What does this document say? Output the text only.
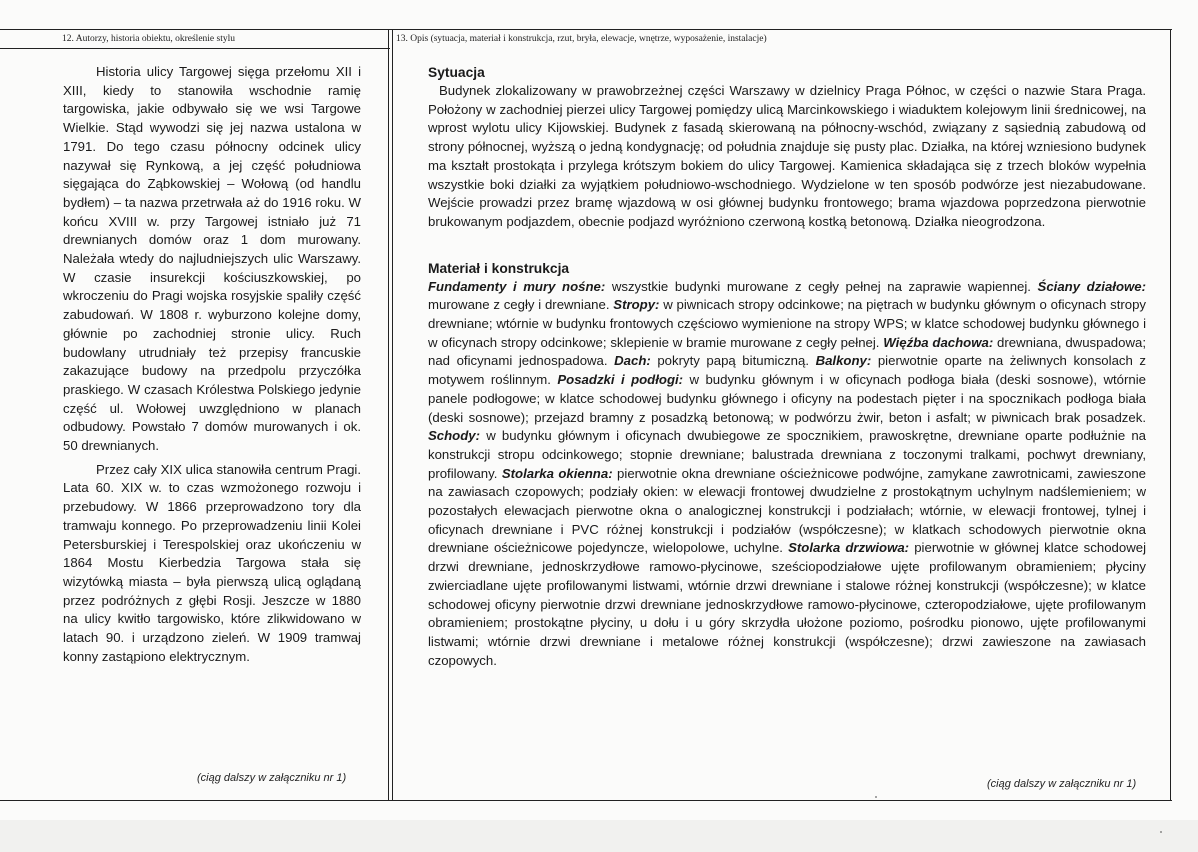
12. Autorzy, historia obiektu, określenie stylu	13. Opis (sytuacja, materiał i konstrukcja, rzut, bryła, elewacje, wnętrze, wyposażenie, instalacje)

Historia ulicy Targowej sięga przełomu XII i XIII, kiedy to stanowiła wschodnie ramię targowiska, jakie odbywało się we wsi Targowe Wielkie. Stąd wywodzi się jej nazwa ustalona w 1791. Do tego czasu północny odcinek ulicy nazywał się Rynkową, a jej część południowa sięgająca do Ząbkowskiej – Wołową (od handlu bydłem) – ta nazwa przetrwała aż do 1916 roku. W końcu XVIII w. przy Targowej istniało już 71 drewnianych domów oraz 1 dom murowany. Należała wtedy do najludniejszych ulic Warszawy. W czasie insurekcji kościuszkowskiej, po wkroczeniu do Pragi wojska rosyjskie spaliły część zabudowań. W 1808 r. wyburzono kolejne domy, głównie po zachodniej stronie ulicy. Ruch budowlany utrudniały też przepisy francuskie zakazujące budowy na przedpolu przyczółka praskiego. W czasach Królestwa Polskiego jedynie część ul. Wołowej uwzględniono w planach odbudowy. Powstało 7 domów murowanych i ok. 50 drewnianych.

Przez cały XIX ulica stanowiła centrum Pragi. Lata 60. XIX w. to czas wzmożonego rozwoju i przebudowy. W 1866 przeprowadzono tory dla tramwaju konnego. Po przeprowadzeniu linii Kolei Petersburskiej i Terespolskiej oraz ukończeniu w 1864 Mostu Kierbedzia Targowa stała się wizytówką miasta – była pierwszą ulicą oglądaną przez podróżnych z głębi Rosji. Jeszcze w 1880 na ulicy kwitło targowisko, które zlikwidowano w latach 90. i urządzono zieleń. W 1909 tramwaj konny zastąpiono elektrycznym.

(ciąg dalszy w załączniku nr 1)
Sytuacja

Budynek zlokalizowany w prawobrzeżnej części Warszawy w dzielnicy Praga Północ, w części o nazwie Stara Praga. Położony w zachodniej pierzei ulicy Targowej pomiędzy ulicą Marcinkowskiego i wiaduktem kolejowym linii średnicowej, na wprost wylotu ulicy Kijowskiej. Budynek z fasadą skierowaną na północny-wschód, związany z sąsiednią zabudową od strony północnej, wyższą o jedną kondygnację; od południa znajduje się pusty plac. Działka, na której wzniesiono budynek ma kształt prostokąta i przylega krótszym bokiem do ulicy Targowej. Kamienica składająca się z trzech bloków wypełnia wszystkie boki działki za wyjątkiem południowo-wschodniego. Wydzielone w ten sposób podwórze jest niezabudowane. Wejście prowadzi przez bramę wjazdową w osi głównej budynku frontowego; brama wjazdowa poprzedzona pierwotnie brukowanym podjazdem, obecnie podjazd wyróżniono czerwoną kostką betonową. Działka nieogrodzona.

Materiał i konstrukcja

Fundamenty i mury nośne: wszystkie budynki murowane z cegły pełnej na zaprawie wapiennej. Ściany działowe: murowane z cegły i drewniane. Stropy: w piwnicach stropy odcinkowe; na piętrach w budynku głównym o oficynach stropy drewniane; wtórnie w budynku frontowych częściowo wymienione na stropy WPS; w klatce schodowej budynku głównego i w oficynach stropy odcinkowe; sklepienie w bramie murowane z cegły pełnej. Więźba dachowa: drewniana, dwuspadowa; nad oficynami jednospadowa. Dach: pokryty papą bitumiczną. Balkony: pierwotnie oparte na żeliwnych konsolach z motywem roślinnym. Posadzki i podłogi: w budynku głównym i w oficynach podłoga biała (deski sosnowe), wtórnie panele podłogowe; w klatce schodowej budynku głównego i oficyny na podestach pięter i na spocznikach podłoga biała (deski sosnowe); przejazd bramny z posadzką betonową; w podwórzu żwir, beton i asfalt; w piwnicach brak posadzek. Schody: w budynku głównym i oficynach dwubiegowe ze spocznikiem, prawoskrętne, drewniane oparte podłużnie na konstrukcji stropu odcinkowego; stopnie drewniane; balustrada drewniana z toczonymi tralkami, pochwyt drewniany, profilowany. Stolarka okienna: pierwotnie okna drewniane ościeżnicowe podwójne, zamykane zawrotnicami, zawieszone na zawiasach czopowych; podziały okien: w elewacji frontowej dwudzielne z prostokątnym uchylnym nadślemieniem; w pozostałych elewacjach pierwotne okna o analogicznej konstrukcji i podziałach; wtórnie, w elewacji frontowej, tylnej i oficynach drewniane i PVC różnej konstrukcji i podziałów (współczesne); w klatkach schodowych pierwotnie okna drewniane ościeżnicowe pojedyncze, wielopolowe, uchylne. Stolarka drzwiowa: pierwotnie w głównej klatce schodowej drzwi drewniane, jednoskrzydłowe ramowo-płycinowe, sześciopodziałowe ujęte profilowanym obramieniem; płyciny zwierciadlane ujęte profilowanymi listwami, wtórnie drzwi drewniane i stalowe różnej konstrukcji (współczesne); w klatce schodowej oficyny pierwotnie drzwi drewniane jednoskrzydłowe ramowo-płycinowe, czteropodziałowe, ujęte profilowanym obramieniem; prostokątne płyciny, u dołu i u góry skrzydła ułożone poziomo, pośrodku pionowo, ujęte profilowanymi listwami; wtórnie drzwi drewniane i metalowe różnej konstrukcji (współczesne); drzwi zawieszone na zawiasach czopowych.

(ciąg dalszy w załączniku nr 1)
